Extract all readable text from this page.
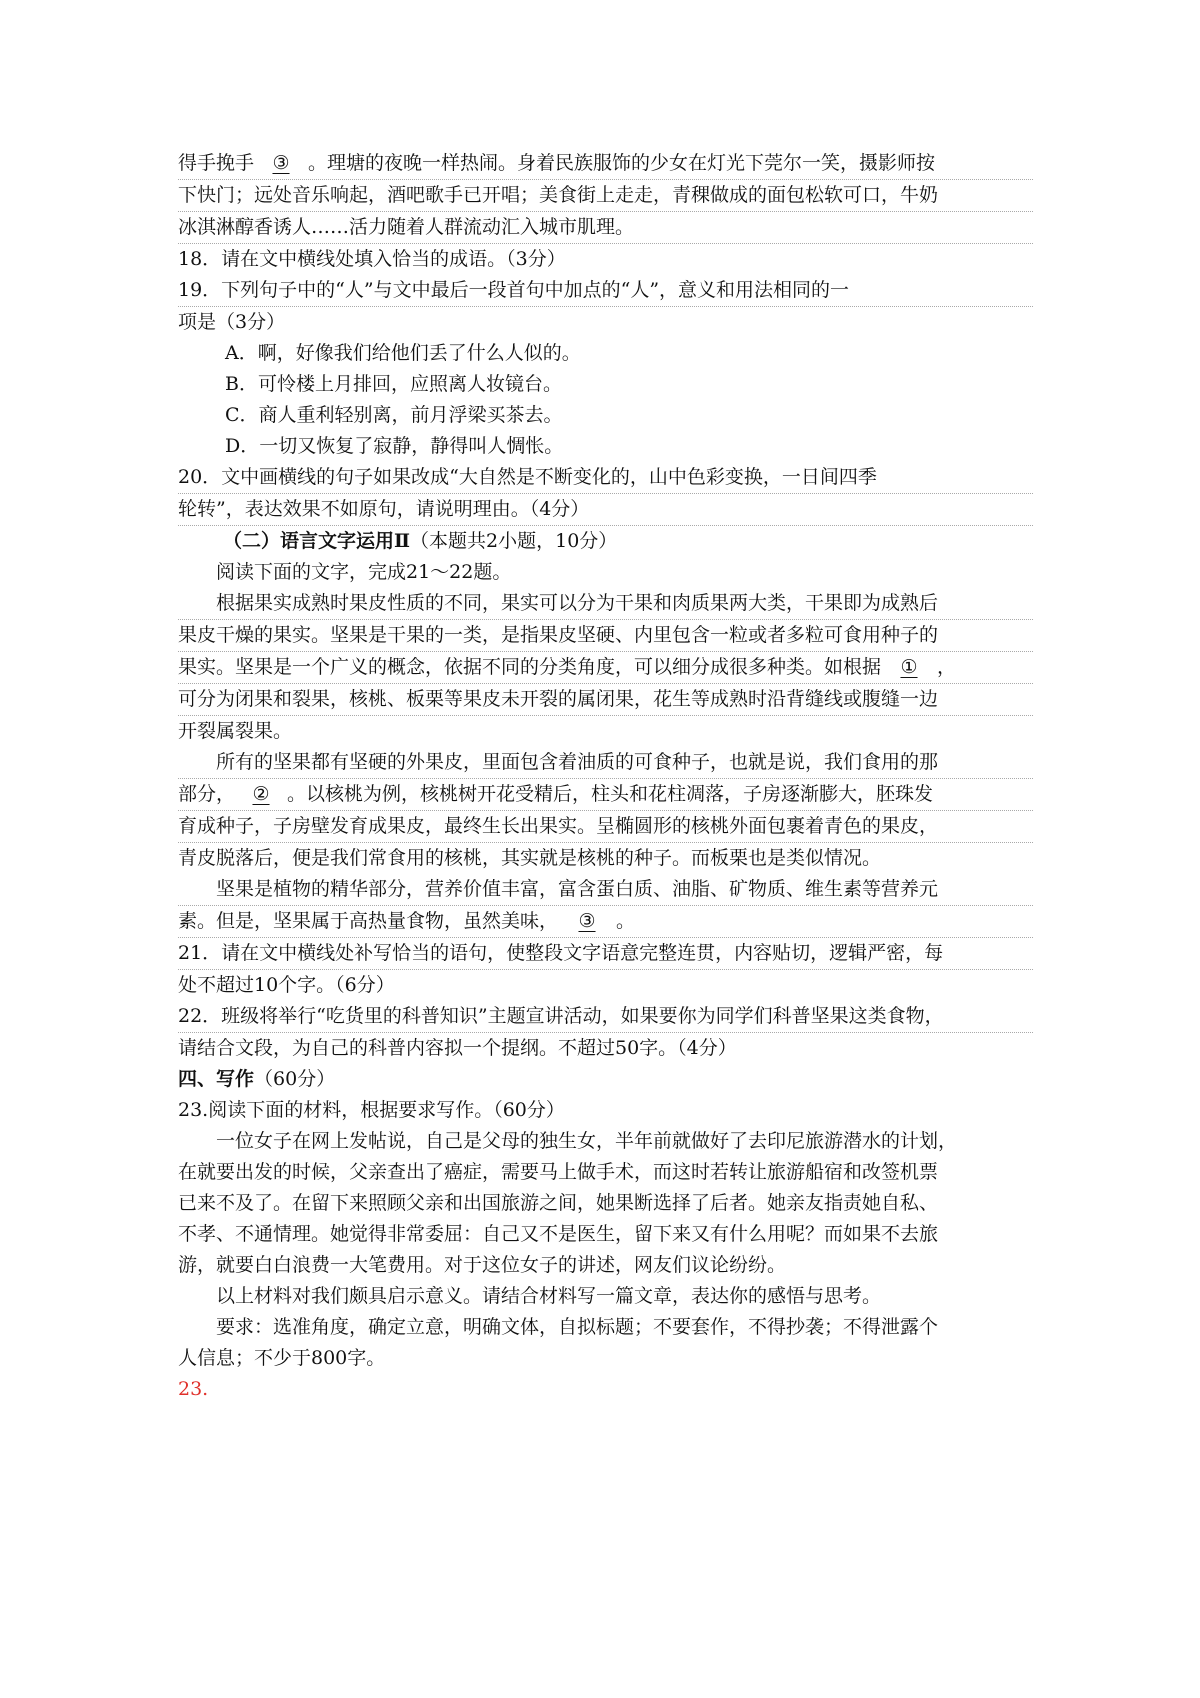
得手挽手 ③ 。理塘的夜晚一样热闹。身着民族服饰的少女在灯光下莞尔一笑，摄影师按
下快门；远处音乐响起，酒吧歌手已开唱；美食街上走走，青稞做成的面包松软可口，牛奶
冰淇淋醇香诱人……活力随着人群流动汇入城市肌理。
18．请在文中横线处填入恰当的成语。（3分）
19．下列句子中的“人”与文中最后一段首句中加点的“人”，意义和用法相同的一
项是（3分）
A．啊，好像我们给他们丢了什么人似的。
B．可怜楼上月排回，应照离人妆镜台。
C．商人重利轻别离，前月浮梁买茶去。
D．一切又恢复了寂静，静得叫人惆怅。
20．文中画横线的句子如果改成“大自然是不断变化的，山中色彩变换，一日间四季
轮转”，表达效果不如原句，请说明理由。（4分）
（二）语言文字运用Ⅱ（本题共2小题，10分）
阅读下面的文字，完成21～22题。
根据果实成熟时果皮性质的不同，果实可以分为干果和肉质果两大类，干果即为成熟后
果皮干燥的果实。坚果是干果的一类，是指果皮坚硬、内里包含一粒或者多粒可食用种子的
果实。坚果是一个广义的概念，依据不同的分类角度，可以细分成很多种类。如根据 ① ，
可分为闭果和裂果，核桃、板栗等果皮未开裂的属闭果，花生等成熟时沿背缝线或腹缝一边
开裂属裂果。
所有的坚果都有坚硬的外果皮，里面包含着油质的可食种子，也就是说，我们食用的那
部分， ② 。以核桃为例，核桃树开花受精后，柱头和花柱凋落，子房逐渐膨大，胚珠发
育成种子，子房壁发育成果皮，最终生长出果实。呈椭圆形的核桃外面包裹着青色的果皮，
青皮脱落后，便是我们常食用的核桃，其实就是核桃的种子。而板栗也是类似情况。
坚果是植物的精华部分，营养价值丰富，富含蛋白质、油脂、矿物质、维生素等营养元
素。但是，坚果属于高热量食物，虽然美味， ③ 。
21．请在文中横线处补写恰当的语句，使整段文字语意完整连贯，内容贴切，逻辑严密，每
处不超过10个字。（6分）
22．班级将举行“吃货里的科普知识”主题宣讲活动，如果要你为同学们科普坚果这类食物，
请结合文段，为自己的科普内容拟一个提纲。不超过50字。（4分）
四、写作（60分）
23.阅读下面的材料，根据要求写作。（60分）
一位女子在网上发帖说，自己是父母的独生女，半年前就做好了去印尼旅游潜水的计划，
在就要出发的时候，父亲查出了癌症，需要马上做手术，而这时若转让旅游船宿和改签机票
已来不及了。在留下来照顾父亲和出国旅游之间，她果断选择了后者。她亲友指责她自私、
不孝、不通情理。她觉得非常委屈：自己又不是医生，留下来又有什么用呢？而如果不去旅
游，就要白白浪费一大笔费用。对于这位女子的讲述，网友们议论纷纷。
以上材料对我们颇具启示意义。请结合材料写一篇文章，表达你的感悟与思考。
要求：选准角度，确定立意，明确文体，自拟标题；不要套作，不得抄袭；不得泄露个
人信息；不少于800字。
23.
